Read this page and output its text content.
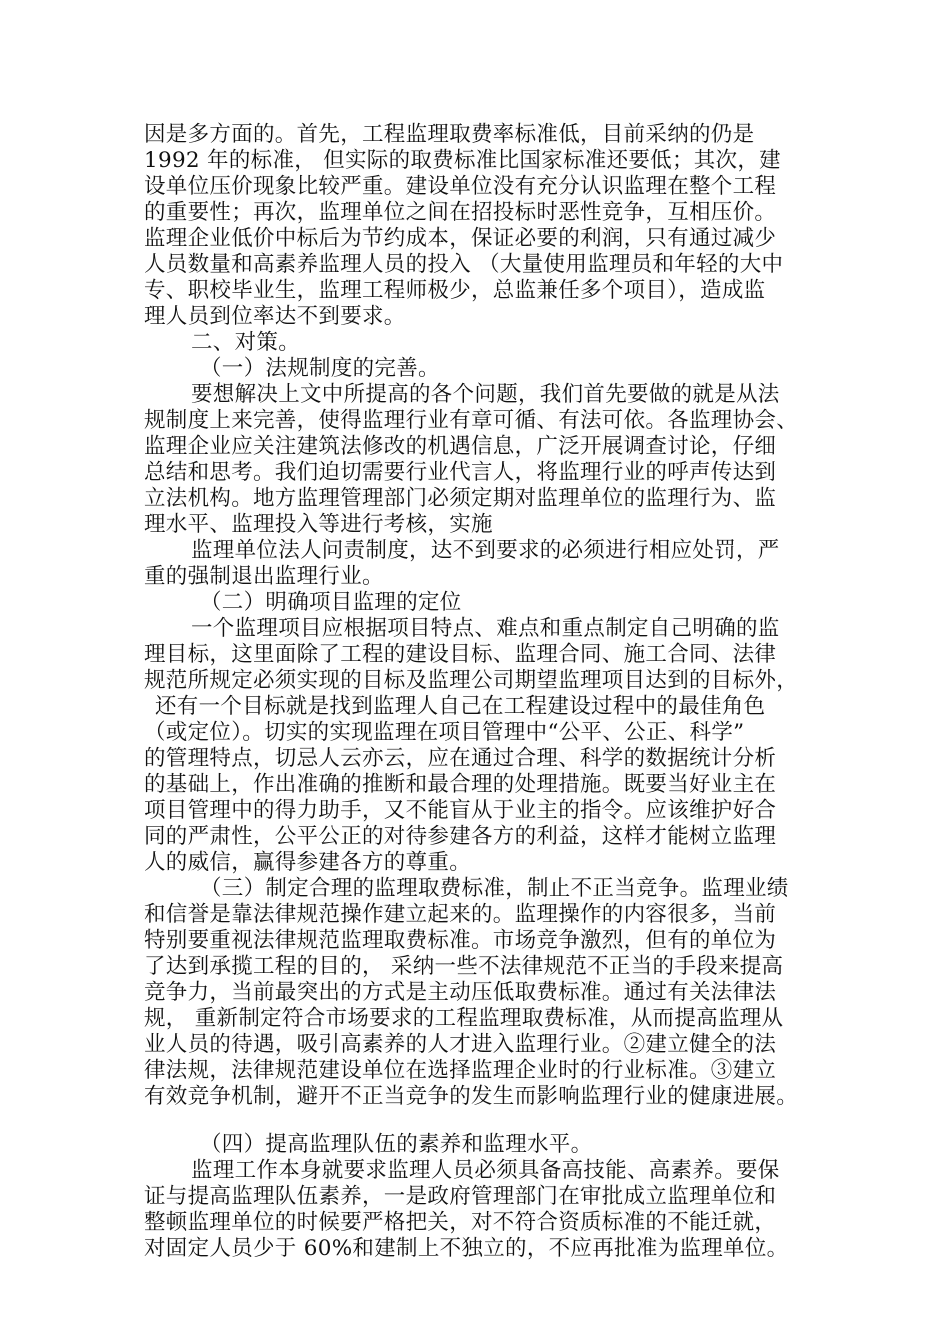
因是多方面的。首先，工程监理取费率标准低，目前采纳的仍是
1992 年的标准， 但实际的取费标准比国家标准还要低；其次，建
设单位压价现象比较严重。建设单位没有充分认识监理在整个工程
的重要性；再次，监理单位之间在招投标时恶性竞争，互相压价。
监理企业低价中标后为节约成本，保证必要的利润，只有通过减少
人员数量和高素养监理人员的投入 （大量使用监理员和年轻的大中
专、职校毕业生，监理工程师极少，总监兼任多个项目），造成监
理人员到位率达不到要求。
二、对策。
（一）法规制度的完善。
要想解决上文中所提高的各个问题，我们首先要做的就是从法
规制度上来完善，使得监理行业有章可循、有法可依。各监理协会、
监理企业应关注建筑法修改的机遇信息，广泛开展调查讨论，仔细
总结和思考。我们迫切需要行业代言人，将监理行业的呼声传达到
立法机构。地方监理管理部门必须定期对监理单位的监理行为、监
理水平、监理投入等进行考核，实施
监理单位法人问责制度，达不到要求的必须进行相应处罚，严
重的强制退出监理行业。
（二）明确项目监理的定位
一个监理项目应根据项目特点、难点和重点制定自己明确的监
理目标，这里面除了工程的建设目标、监理合同、施工合同、法律
规范所规定必须实现的目标及监理公司期望监理项目达到的目标外，
还有一个目标就是找到监理人自己在工程建设过程中的最佳角色
（或定位）。切实的实现监理在项目管理中“公平、公正、科学”
的管理特点，切忌人云亦云，应在通过合理、科学的数据统计分析
的基础上，作出准确的推断和最合理的处理措施。既要当好业主在
项目管理中的得力助手，又不能盲从于业主的指令。应该维护好合
同的严肃性，公平公正的对待参建各方的利益，这样才能树立监理
人的威信，赢得参建各方的尊重。
（三）制定合理的监理取费标准，制止不正当竞争。监理业绩
和信誉是靠法律规范操作建立起来的。监理操作的内容很多，当前
特别要重视法律规范监理取费标准。市场竞争激烈，但有的单位为
了达到承揽工程的目的， 采纳一些不法律规范不正当的手段来提高
竞争力，当前最突出的方式是主动压低取费标准。通过有关法律法
规， 重新制定符合市场要求的工程监理取费标准，从而提高监理从
业人员的待遇，吸引高素养的人才进入监理行业。②建立健全的法
律法规，法律规范建设单位在选择监理企业时的行业标准。③建立
有效竞争机制，避开不正当竞争的发生而影响监理行业的健康进展。
（四）提高监理队伍的素养和监理水平。
监理工作本身就要求监理人员必须具备高技能、高素养。要保
证与提高监理队伍素养，一是政府管理部门在审批成立监理单位和
整顿监理单位的时候要严格把关，对不符合资质标准的不能迁就，
对固定人员少于 60%和建制上不独立的，不应再批准为监理单位。
